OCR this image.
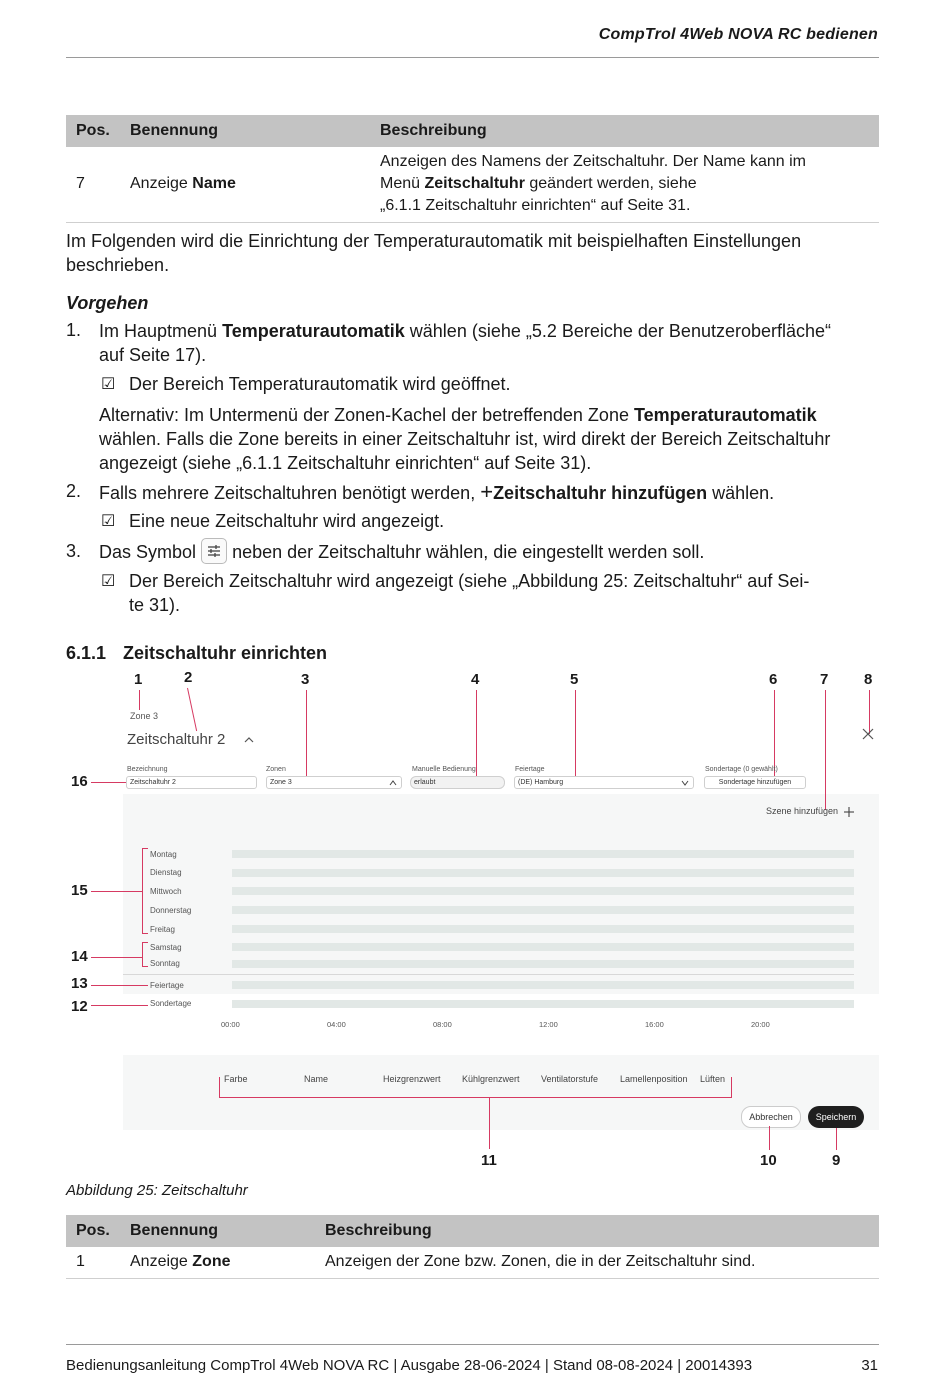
CompTrol 4Web NOVA RC bedienen
Pos.	Benennung	Beschreibung
7	Anzeige Name	Anzeigen des Namens der Zeitschaltuhr. Der Name kann im
Menü Zeitschaltuhr geändert werden, siehe
„6.1.1 Zeitschaltuhr einrichten“ auf Seite 31.
Im Folgenden wird die Einrichtung der Temperaturautomatik mit beispielhaften Einstellungen
beschrieben.
Vorgehen
1. Im Hauptmenü Temperaturautomatik wählen (siehe „5.2 Bereiche der Benutzeroberfläche“
auf Seite 17).
☑ Der Bereich Temperaturautomatik wird geöffnet.
Alternativ: Im Untermenü der Zonen-Kachel der betreffenden Zone Temperaturautomatik
wählen. Falls die Zone bereits in einer Zeitschaltuhr ist, wird direkt der Bereich Zeitschaltuhr
angezeigt (siehe „6.1.1 Zeitschaltuhr einrichten“ auf Seite 31).
2. Falls mehrere Zeitschaltuhren benötigt werden, +Zeitschaltuhr hinzufügen wählen.
☑ Eine neue Zeitschaltuhr wird angezeigt.
3. Das Symbol neben der Zeitschaltuhr wählen, die eingestellt werden soll.
☑ Der Bereich Zeitschaltuhr wird angezeigt (siehe „Abbildung 25: Zeitschaltuhr“ auf Sei-
te 31).
6.1.1 Zeitschaltuhr einrichten
1	2	3	4	5	6	7 8
Zone 3
Zeitschaltuhr 2
Bezeichnung
Zeitschaltuhr 2
Zonen
Zone 3
Manuelle Bedienung
erlaubt
Feiertage
(DE) Hamburg
Sondertage (0 gewählt)
Sondertage hinzufügen
Szene hinzufügen
16
Montag
Dienstag
Mittwoch
Donnerstag
Freitag
Samstag
Sonntag
Feiertage
Sondertage
00:00	04:00	08:00	12:00	16:00	20:00
15
14
13
12
Farbe	Name	Heizgrenzwert Kühlgrenzwert Ventilatorstufe Lamellenposition Lüften
11
Abbrechen	Speichern
10	9
Abbildung 25: Zeitschaltuhr
Pos.	Benennung	Beschreibung
1	Anzeige Zone	Anzeigen der Zone bzw. Zonen, die in der Zeitschaltuhr sind.
Bedienungsanleitung CompTrol 4Web NOVA RC | Ausgabe 28-06-2024 | Stand 08-08-2024 | 20014393	31
